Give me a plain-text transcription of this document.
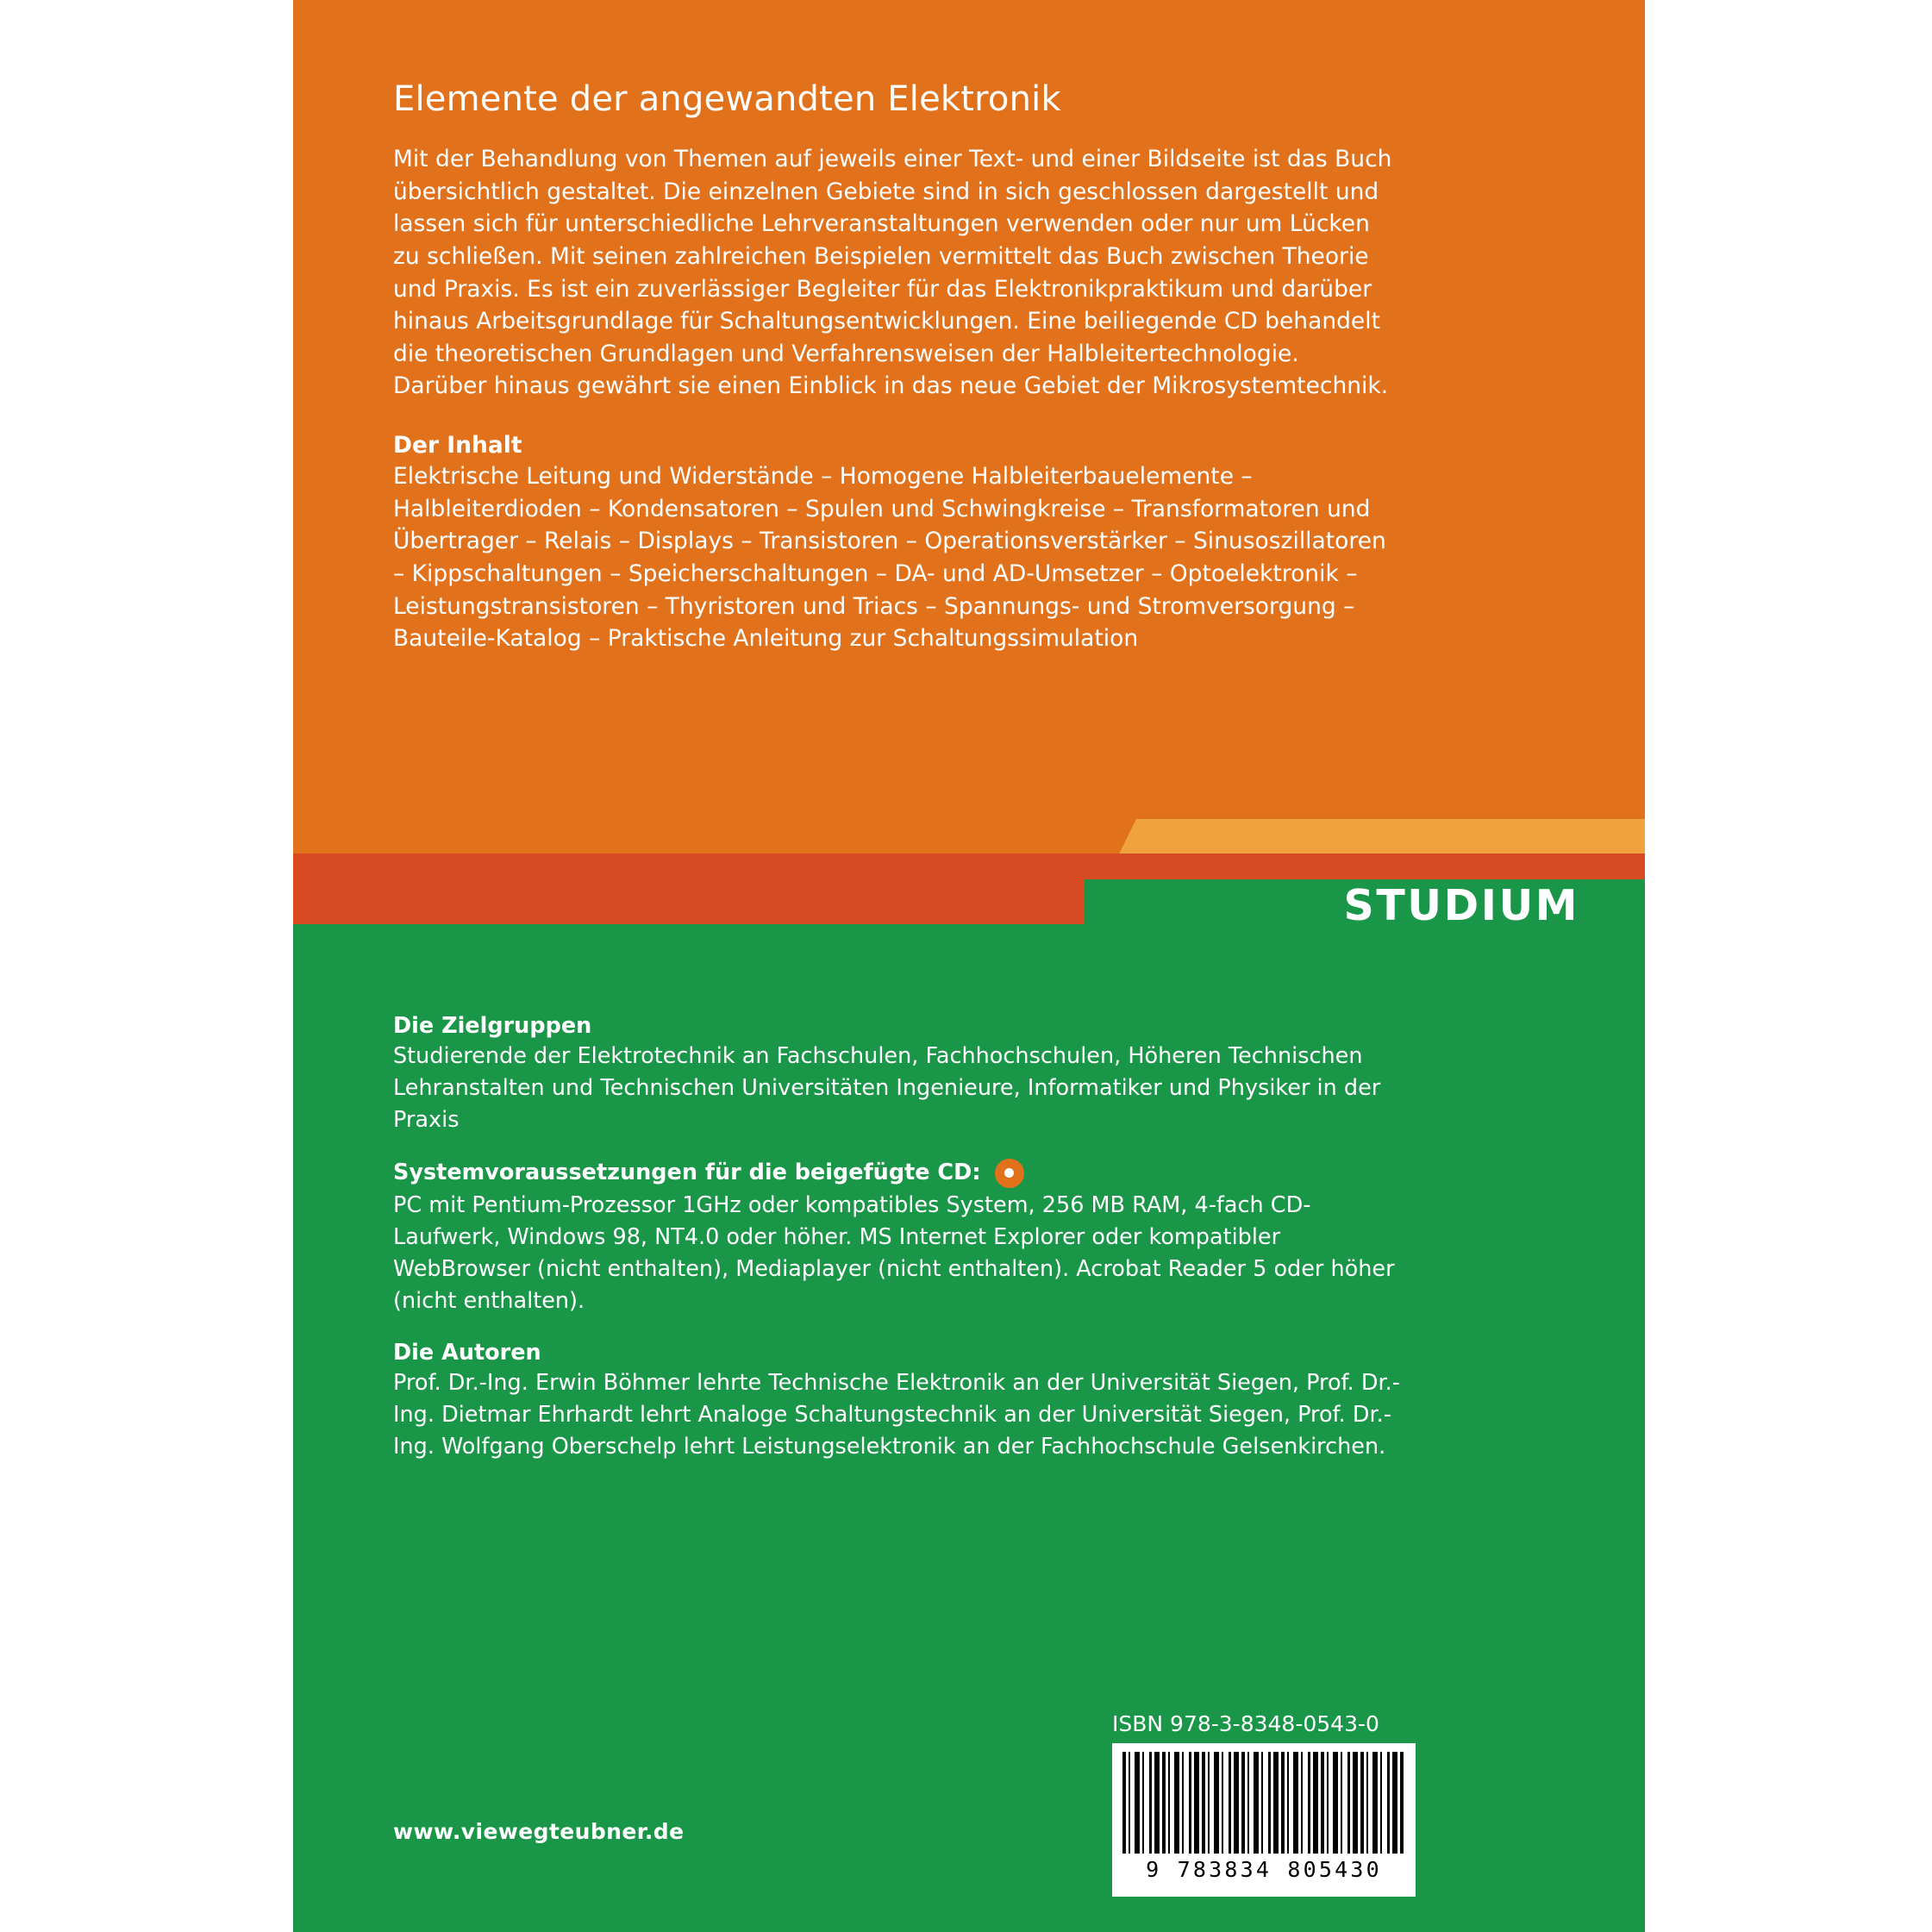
Elemente der angewandten Elektronik

Mit der Behandlung von Themen auf jeweils einer Text- und einer Bildseite ist das Buch übersichtlich gestaltet. Die einzelnen Gebiete sind in sich geschlossen dargestellt und lassen sich für unterschiedliche Lehrveranstaltungen verwenden oder nur um Lücken zu schließen. Mit seinen zahlreichen Beispielen vermittelt das Buch zwischen Theorie und Praxis. Es ist ein zuverlässiger Begleiter für das Elektronikpraktikum und darüber hinaus Arbeitsgrundlage für Schaltungsentwicklungen. Eine beiliegende CD behandelt die theoretischen Grundlagen und Verfahrensweisen der Halbleitertechnologie. Darüber hinaus gewährt sie einen Einblick in das neue Gebiet der Mikrosystemtechnik.

Der Inhalt

Elektrische Leitung und Widerstände – Homogene Halbleiterbauelemente – Halbleiterdioden – Kondensatoren – Spulen und Schwingkreise – Transformatoren und Übertrager – Relais – Displays – Transistoren – Operationsverstärker – Sinusoszillatoren – Kippschaltungen – Speicherschaltungen – DA- und AD-Umsetzer – Optoelektronik – Leistungstransistoren – Thyristoren und Triacs – Spannungs- und Stromversorgung – Bauteile-Katalog – Praktische Anleitung zur Schaltungssimulation

STUDIUM
Die Zielgruppen

Studierende der Elektrotechnik an Fachschulen, Fachhochschulen, Höheren Technischen Lehranstalten und Technischen Universitäten Ingenieure, Informatiker und Physiker in der Praxis

Systemvoraussetzungen für die beigefügte CD:

PC mit Pentium-Prozessor 1GHz oder kompatibles System, 256 MB RAM, 4-fach CD-Laufwerk, Windows 98, NT4.0 oder höher. MS Internet Explorer oder kompatibler WebBrowser (nicht enthalten), Mediaplayer (nicht enthalten). Acrobat Reader 5 oder höher (nicht enthalten).

Die Autoren

Prof. Dr.-Ing. Erwin Böhmer lehrte Technische Elektronik an der Universität Siegen, Prof. Dr.-Ing. Dietmar Ehrhardt lehrt Analoge Schaltungstechnik an der Universität Siegen, Prof. Dr.-Ing. Wolfgang Oberschelp lehrt Leistungselektronik an der Fachhochschule Gelsenkirchen.

ISBN 978-3-8348-0543-0
9 783834 805430
www.viewegteubner.de
